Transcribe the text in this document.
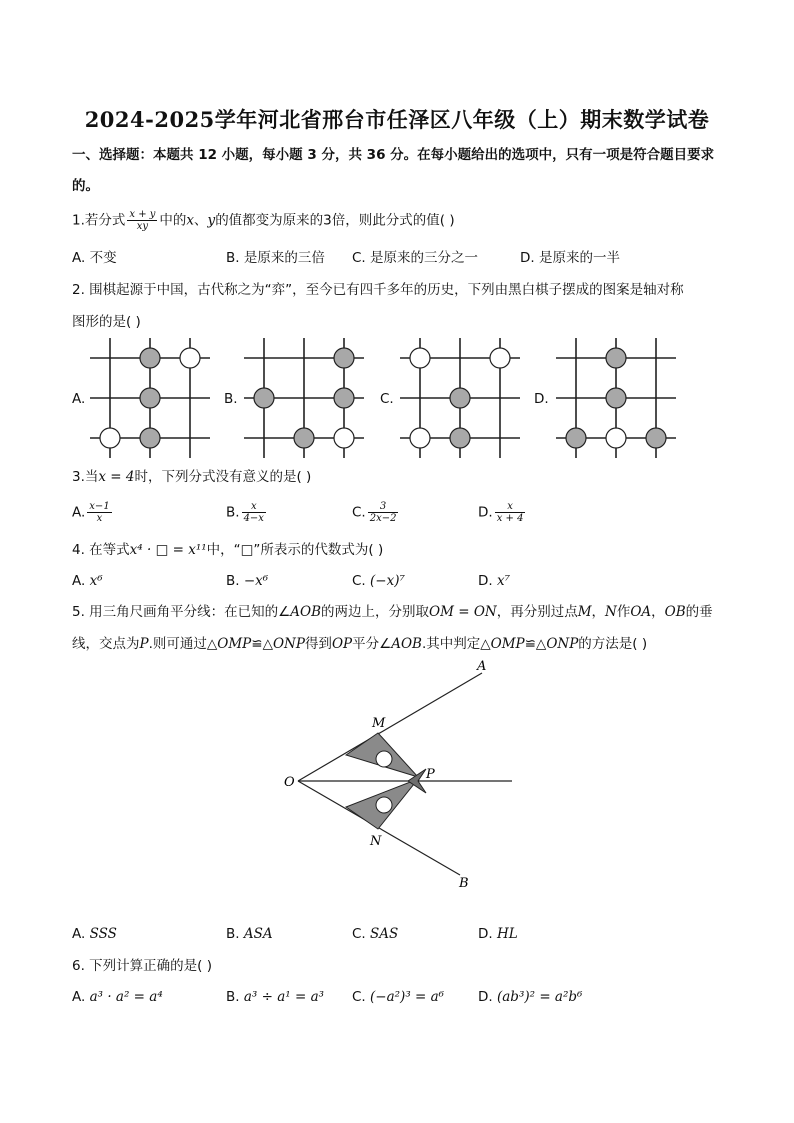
2024-2025学年河北省邢台市任泽区八年级（上）期末数学试卷
一、选择题：本题共 12 小题，每小题 3 分，共 36 分。在每小题给出的选项中，只有一项是符合题目要求
的。
1.若分式 $\frac{x + y}{xy}$ 中的x、y的值都变为原来的3倍，则此分式的值( )
A. 不变	B. 是原来的三倍 C. 是原来的三分之一	D. 是原来的一半
2. 围棋起源于中国，古代称之为“弈”，至今已有四千多年的历史，下列由黑白棋子摆成的图案是轴对称
图形的是( )
A.	B.	C.	D.
3.当x = 4时，下列分式没有意义的是( )
A. $\frac{x-1}{x}$	B. $\frac{x}{4-x}$	C. $\frac{3}{2x-2}$	D. $\frac{x}{x + 4}$
4. 在等式x⁴ · □ = x¹¹中，“□”所表示的代数式为( )
A. x⁶	B. −x⁶	C. (−x)⁷	D. x⁷
5. 用三角尺画角平分线：在已知的∠AOB的两边上，分别取OM = ON，再分别过点M，N作OA，OB的垂
线，交点为P.则可通过△OMP≌△ONP得到OP平分∠AOB.其中判定△OMP≌△ONP的方法是( )
A
M
O
P
N
B
A. SSS	B. ASA	C. SAS	D. HL
6. 下列计算正确的是( )
A. a³ · a² = a⁴	B. a³ ÷ a¹ = a³ C. (−a²)³ = a⁶	D. (ab³)² = a²b⁶
